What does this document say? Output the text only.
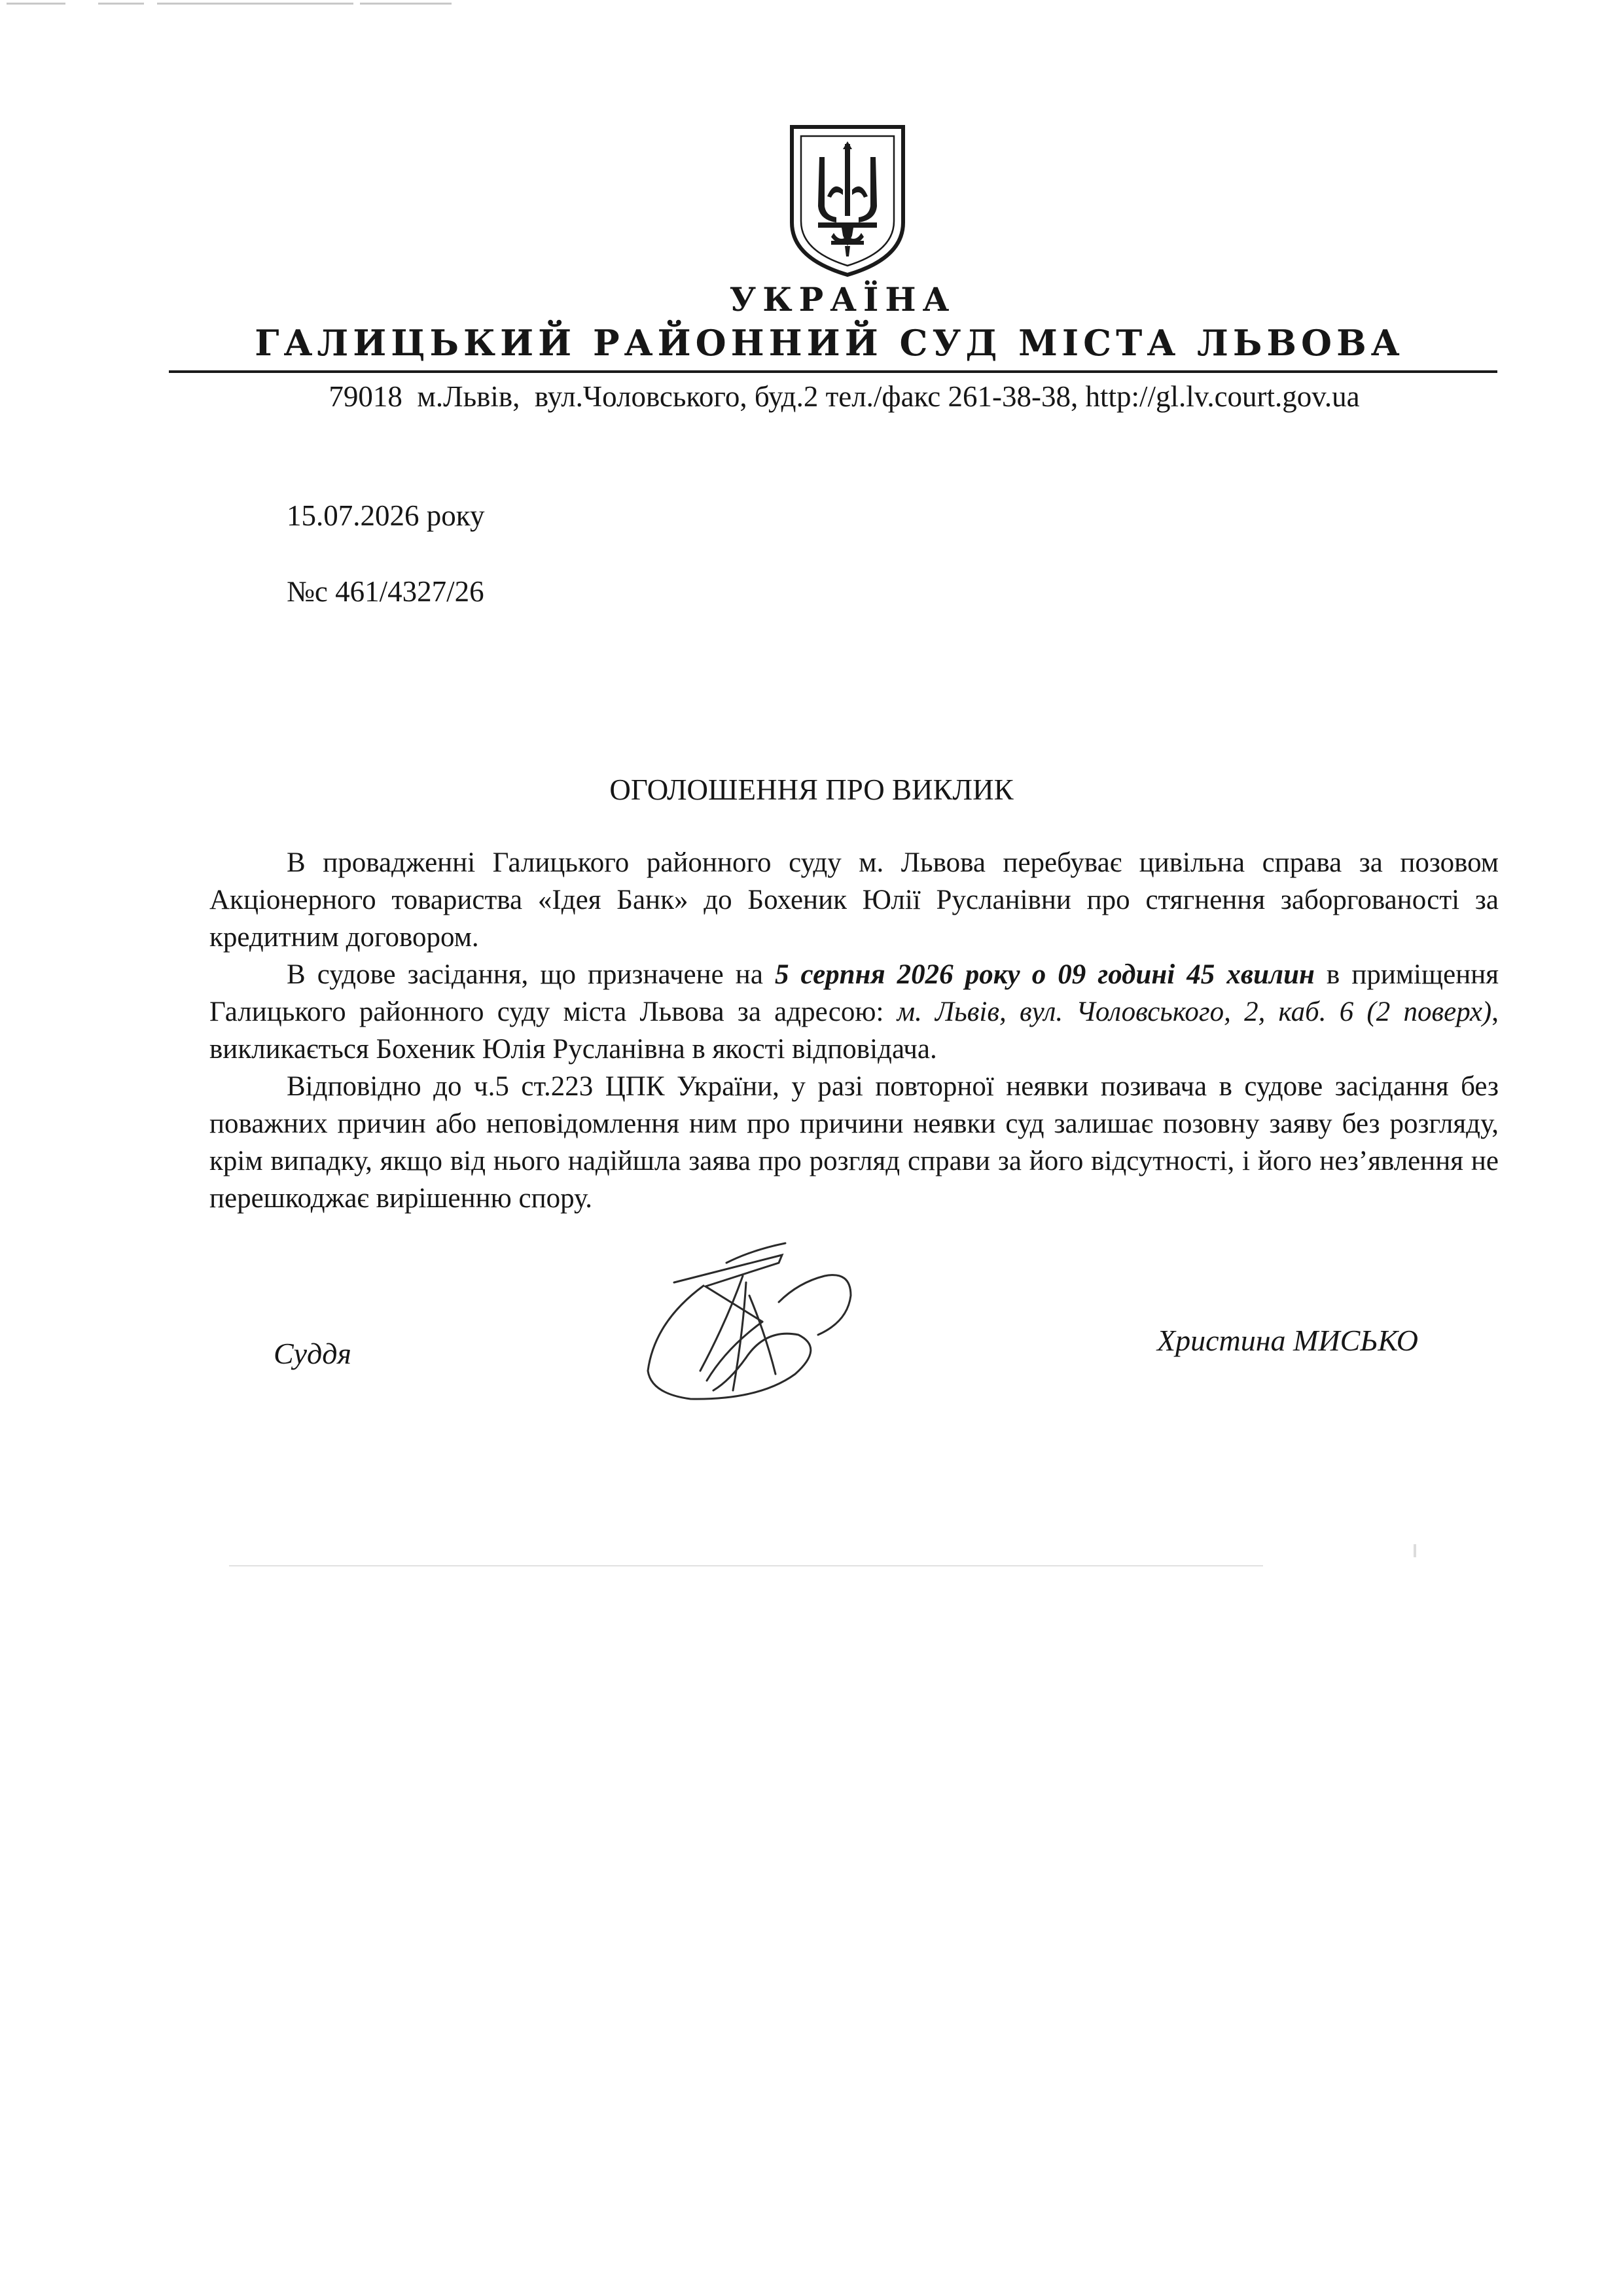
УКРАЇНА
ГАЛИЦЬКИЙ РАЙОННИЙ СУД МІСТА ЛЬВОВА

79018  м.Львів,  вул.Чоловського, буд.2 тел./факс 261-38-38, http://gl.lv.court.gov.ua

15.07.2026 року

№с 461/4327/26

ОГОЛОШЕННЯ ПРО ВИКЛИК

В провадженні Галицького районного суду м. Львова перебуває цивільна справа за позовом Акціонерного товариства «Ідея Банк» до Бохеник Юлії Русланівни про стягнення заборгованості за кредитним договором.

В судове засідання, що призначене на 5 серпня 2026 року о 09 годині 45 хвилин в приміщення Галицького районного суду міста Львова за адресою: м. Львів, вул. Чоловського, 2, каб. 6 (2 поверх), викликається Бохеник Юлія Русланівна в якості відповідача.

Відповідно до ч.5 ст.223 ЦПК України, у разі повторної неявки позивача в судове засідання без поважних причин або неповідомлення ним про причини неявки суд залишає позовну заяву без розгляду, крім випадку, якщо від нього надійшла заява про розгляд справи за його відсутності, і його нез’явлення не перешкоджає вирішенню спору.

Суддя	Христина МИСЬКО
